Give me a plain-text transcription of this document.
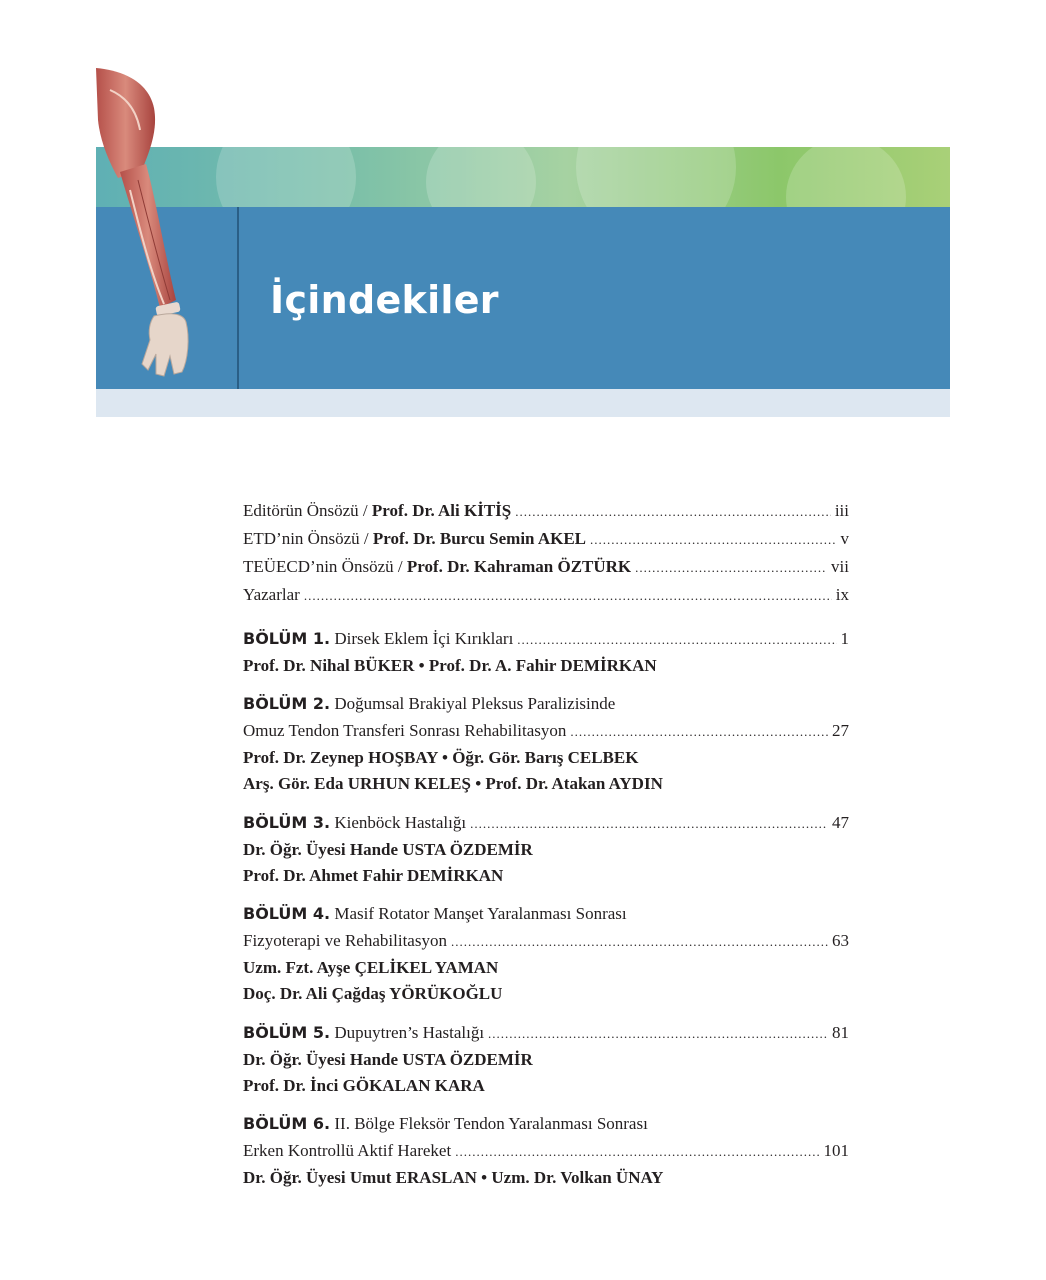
İçindekiler
Editörün Önsözü / Prof. Dr. Ali KİTİŞ .....	iii
ETD’nin Önsözü / Prof. Dr. Burcu Semin AKEL .....	v
TEÜECD’nin Önsözü / Prof. Dr. Kahraman ÖZTÜRK .....	vii
Yazarlar .....	ix
BÖLÜM 1. Dirsek Eklem İçi Kırıkları .....	1
Prof. Dr. Nihal BÜKER • Prof. Dr. A. Fahir DEMİRKAN
BÖLÜM 2. Doğumsal Brakiyal Pleksus Paralizisinde
Omuz Tendon Transferi Sonrası Rehabilitasyon .....	27
Prof. Dr. Zeynep HOŞBAY • Öğr. Gör. Barış CELBEK
Arş. Gör. Eda URHUN KELEŞ • Prof. Dr. Atakan AYDIN
BÖLÜM 3. Kienböck Hastalığı .....	47
Dr. Öğr. Üyesi Hande USTA ÖZDEMİR
Prof. Dr. Ahmet Fahir DEMİRKAN
BÖLÜM 4. Masif Rotator Manşet Yaralanması Sonrası
Fizyoterapi ve Rehabilitasyon .....	63
Uzm. Fzt. Ayşe ÇELİKEL YAMAN
Doç. Dr. Ali Çağdaş YÖRÜKOĞLU
BÖLÜM 5. Dupuytren’s Hastalığı .....	81
Dr. Öğr. Üyesi Hande USTA ÖZDEMİR
Prof. Dr. İnci GÖKALAN KARA
BÖLÜM 6. II. Bölge Fleksör Tendon Yaralanması Sonrası
Erken Kontrollü Aktif Hareket .....	101
Dr. Öğr. Üyesi Umut ERASLAN • Uzm. Dr. Volkan ÜNAY
